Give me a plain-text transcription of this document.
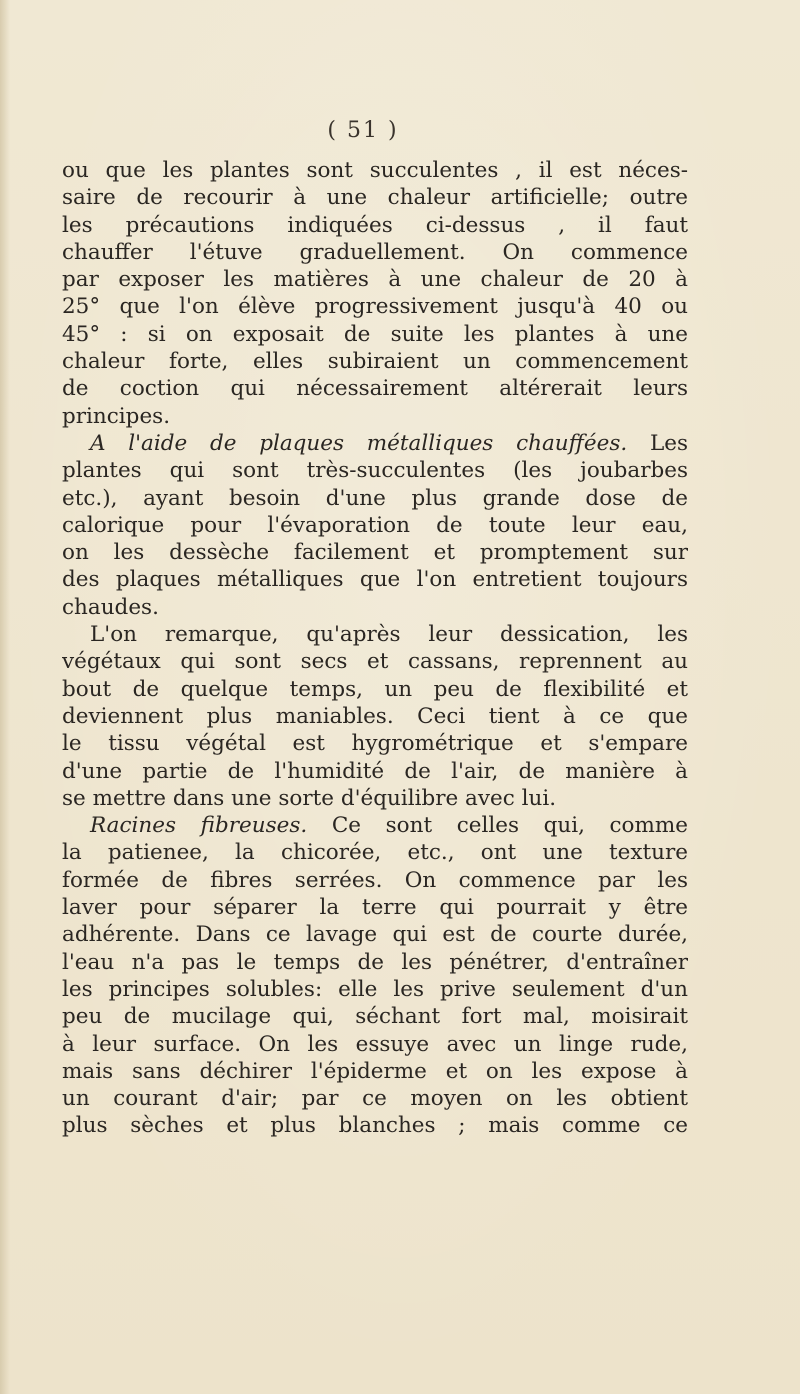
( 51 )
ou que les plantes sont succulentes , il est néces-
saire de recourir à une chaleur artificielle; outre
les précautions indiquées ci-dessus , il faut
chauffer l'étuve graduellement. On commence
par exposer les matières à une chaleur de 20 à
25° que l'on élève progressivement jusqu'à 40 ou
45° : si on exposait de suite les plantes à une
chaleur forte, elles subiraient un commencement
de coction qui nécessairement altérerait leurs
principes.
A l'aide de plaques métalliques chauffées. Les
plantes qui sont très-succulentes (les joubarbes
etc.), ayant besoin d'une plus grande dose de
calorique pour l'évaporation de toute leur eau,
on les dessèche facilement et promptement sur
des plaques métalliques que l'on entretient toujours
chaudes.
L'on remarque, qu'après leur dessication, les
végétaux qui sont secs et cassans, reprennent au
bout de quelque temps, un peu de flexibilité et
deviennent plus maniables. Ceci tient à ce que
le tissu végétal est hygrométrique et s'empare
d'une partie de l'humidité de l'air, de manière à
se mettre dans une sorte d'équilibre avec lui.
Racines fibreuses. Ce sont celles qui, comme
la patienee, la chicorée, etc., ont une texture
formée de fibres serrées. On commence par les
laver pour séparer la terre qui pourrait y être
adhérente. Dans ce lavage qui est de courte durée,
l'eau n'a pas le temps de les pénétrer, d'entraîner
les principes solubles: elle les prive seulement d'un
peu de mucilage qui, séchant fort mal, moisirait
à leur surface. On les essuye avec un linge rude,
mais sans déchirer l'épiderme et on les expose à
un courant d'air; par ce moyen on les obtient
plus sèches et plus blanches ; mais comme ce
